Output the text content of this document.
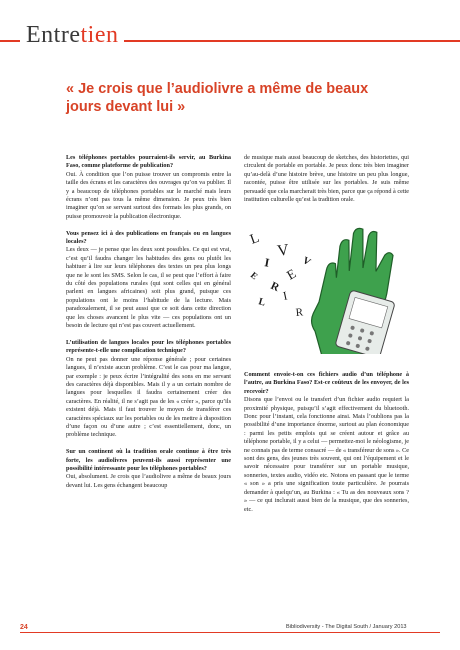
Entretien
« Je crois que l’audiolivre a même de beaux jours devant lui »

Les téléphones portables pourraient-ils servir, au Burkina Faso, comme plateforme de publication?

Oui. À condition que l’on puisse trouver un compromis entre la taille des écrans et les caractères des ouvrages qu’on va publier. Il y a beaucoup de téléphones portables sur le marché mais leurs écrans n’ont pas tous la même dimension. Je peux très bien imaginer qu’on se servant surtout des formats les plus grands, on puisse promouvoir la publication électronique.

Vous pensez ici à des publications en français ou en langues locales?

Les deux — je pense que les deux sont possibles. Ce qui est vrai, c’est qu’il faudra changer les habitudes des gens ou plutôt les habituer à lire sur leurs téléphones des textes un peu plus longs que ne le sont les SMS. Selon le cas, il se peut que l’effort à faire du côté des populations rurales (qui sont celles qui en général parlent en langues africaines) soit plus grand, puisque ces populations ont le moins l’habitude de la lecture. Mais paradoxalement, il se peut aussi que ce soit dans cette direction que les choses avancent le plus vite — ces populations ont un besoin de lecture qui n’est pas couvert actuellement.

L’utilisation de langues locales pour les téléphones portables représente-t-elle une complication technique?

On ne peut pas donner une réponse générale ; pour certaines langues, il n’existe aucun problème. C’est le cas pour ma langue, par exemple : je peux écrire l’intégralité des sons en me servant des caractères déjà disponibles. Mais il y a un certain nombre de langues pour lesquelles il faudra certainement créer des caractères. En réalité, il ne s’agit pas de les « créer », parce qu’ils existent déjà. Mais il faut trouver le moyen de transférer ces caractères spéciaux sur les portables ou de les mettre à disposition d’une façon ou d’une autre ; c’est essentiellement, donc, un problème technique.

Sur un continent où la tradition orale continue à être très forte, les audiolivres peuvent-ils aussi représenter une possibilité intéressante pour les téléphones portables?

Oui, absolument. Je crois que l’audiolivre a même de beaux jours devant lui. Les gens échangent beaucoup

de musique mais aussi beaucoup de sketches, des historiettes, qui circulent de portable en portable. Je peux donc très bien imaginer qu’au-delà d’une histoire brève, une histoire un peu plus longue, racontée, puisse être utilisée sur les portables. Je suis même persuadé que cela marcherait très bien, parce que ça répond à cette institution culturelle qu’est la tradition orale.

L
I
V
R
E
L I
V
R
E

Comment envoie-t-on ces fichiers audio d’un téléphone à l’autre, au Burkina Faso? Est-ce coûteux de les envoyer, de les recevoir?

Disons que l’envoi ou le transfert d’un fichier audio requiert la proximité physique, puisqu’il s’agit effectivement du bluetooth. Donc pour l’instant, cela fonctionne ainsi. Mais l’oublions pas la possibilité d’une importance énorme, surtout au plan économique : parmi les petits emplois qui se créent autour et grâce au téléphone portable, il y a celui — permettez-moi le néologisme, je ne connais pas de terme consacré — de « transféreur de sons ». Ce sont des gens, des jeunes très souvent, qui ont l’équipement et le savoir nécessaire pour transférer sur un portable musique, sonneries, textes audio, vidéo etc. Notons en passant que le terme « son » a pris une signification toute particulière. Je pourrais demander à quelqu’un, au Burkina : « Tu as des nouveaux sons ? » — ce qui inclurait aussi bien de la musique, que des sonneries, etc.

24	Bibliodiversity - The Digital South / January 2013
